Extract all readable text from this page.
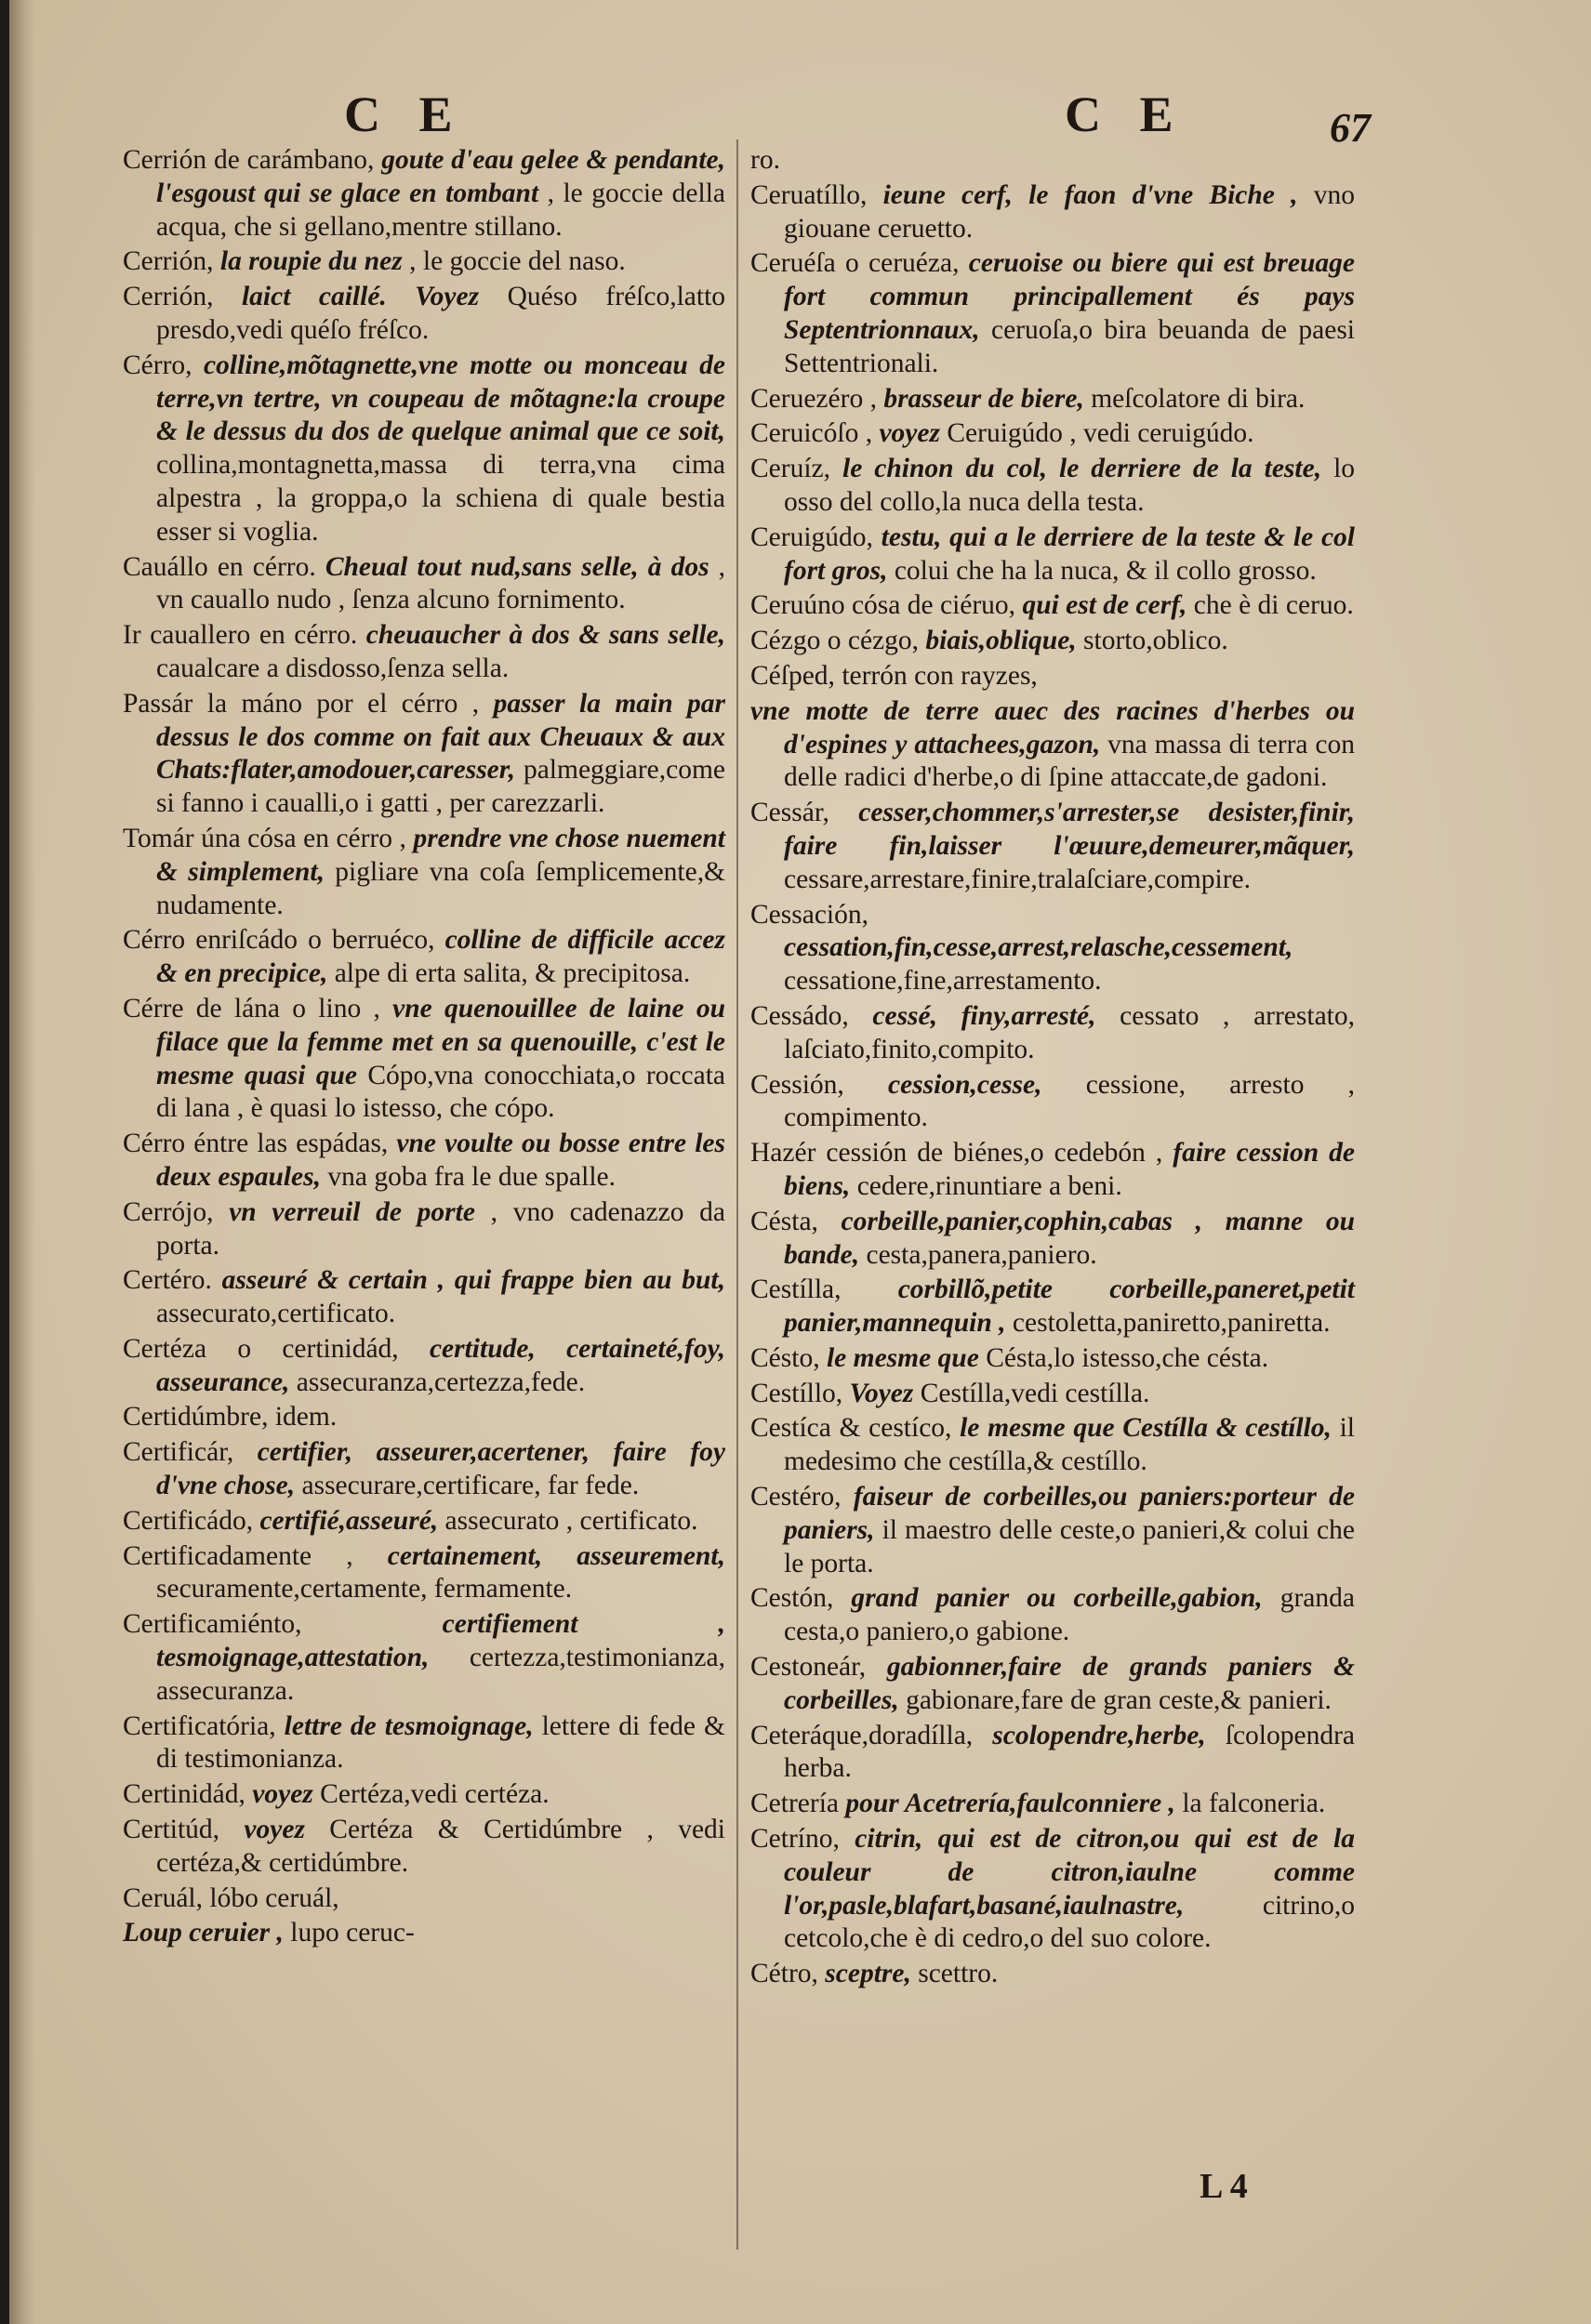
C E	C E	67

Cerrión de carámbano, goute d'eau gelee & pendante, l'esgoust qui se glace en tombant , le goccie della acqua, che si gellano,mentre stillano.

Cerrión, la roupie du nez , le goccie del naso.

Cerrión, laict caillé. Voyez Quéso fréſco,latto presdo,vedi quéſo fréſco.

Cérro, colline,mõtagnette,vne motte ou monceau de terre,vn tertre, vn coupeau de mõtagne:la croupe & le dessus du dos de quelque animal que ce soit, collina,montagnetta,massa di terra,vna cima alpestra , la groppa,o la schiena di quale bestia esser si voglia.

Cauállo en cérro. Cheual tout nud,sans selle, à dos , vn cauallo nudo , ſenza alcuno fornimento.

Ir cauallero en cérro. cheuaucher à dos & sans selle, caualcare a disdosso,ſenza sella.

Passár la máno por el cérro , passer la main par dessus le dos comme on fait aux Cheuaux & aux Chats:flater,amodouer,caresser, palmeggiare,come si fanno i caualli,o i gatti , per carezzarli.

Tomár úna cósa en cérro , prendre vne chose nuement & simplement, pigliare vna coſa ſemplicemente,& nudamente.

Cérro enriſcádo o berruéco, colline de difficile accez & en precipice, alpe di erta salita, & precipitosa.

Cérre de lána o lino , vne quenouillee de laine ou filace que la femme met en sa quenouille, c'est le mesme quasi que Cópo,vna conocchiata,o roccata di lana , è quasi lo istesso, che cópo.

Cérro éntre las espádas, vne voulte ou bosse entre les deux espaules, vna goba fra le due spalle.

Cerrójo, vn verreuil de porte , vno cadenazzo da porta.

Certéro. asseuré & certain , qui frappe bien au but, assecurato,certificato.

Certéza o certinidád, certitude, certaineté,foy, asseurance, assecuranza,certezza,fede.

Certidúmbre, idem.

Certificár, certifier, asseurer,acertener, faire foy d'vne chose, assecurare,certificare, far fede.

Certificádo, certifié,asseuré, assecurato , certificato.

Certificadamente , certainement, asseurement, securamente,certamente, fermamente.

Certificamiénto,	certifiement , tesmoignage,attestation, certezza,testimonianza, assecuranza.

Certificatória, lettre de tesmoignage, lettere di fede & di testimonianza.

Certinidád, voyez Certéza,vedi certéza.

Certitúd, voyez Certéza & Certidúmbre , vedi certéza,& certidúmbre.

Ceruál, lóbo ceruál,

Loup ceruier , lupo ceruc-

ro.

Ceruatíllo, ieune cerf, le faon d'vne Biche , vno giouane ceruetto.

Ceruéſa o ceruéza, ceruoise ou biere qui est breuage fort commun principallement és pays Septentrionnaux, ceruoſa,o bira beuanda de paesi Settentrionali.

Ceruezéro , brasseur de biere, meſcolatore di bira.

Ceruicóſo , voyez Ceruigúdo , vedi ceruigúdo.

Ceruíz, le chinon du col, le derriere de la teste, lo osso del collo,la nuca della testa.

Ceruigúdo, testu, qui a le derriere de la teste & le col fort gros, colui che ha la nuca, & il collo grosso.

Ceruúno cósa de ciéruo, qui est de cerf, che è di ceruo.

Cézgo o cézgo, biais,oblique, storto,oblico.

Céſped, terrón con rayzes,

vne motte de terre auec des racines d'herbes ou d'espines y attachees,gazon, vna massa di terra con delle radici d'herbe,o di ſpine attaccate,de gadoni.

Cessár, cesser,chommer,s'arrester,se desister,finir, faire fin,laisser l'œuure,demeurer,mãquer, cessare,arrestare,finire,tralaſciare,compire.

Cessación, cessation,fin,cesse,arrest,relasche,cessement, cessatione,fine,arrestamento.

Cessádo, cessé, finy,arresté, cessato , arrestato, laſciato,finito,compito.

Cessión, cession,cesse, cessione, arresto , compimento.

Hazér cessión de biénes,o cedebón , faire cession de biens, cedere,rinuntiare a beni.

Césta, corbeille,panier,cophin,cabas , manne ou bande, cesta,panera,paniero.

Cestílla, corbillõ,petite corbeille,paneret,petit panier,mannequin , cestoletta,paniretto,paniretta.

Césto, le mesme que Césta,lo istesso,che césta.

Cestíllo, Voyez Cestílla,vedi cestílla.

Cestíca & cestíco, le mesme que Cestílla & cestíllo, il medesimo che cestílla,& cestíllo.

Cestéro, faiseur de corbeilles,ou paniers:porteur de paniers, il maestro delle ceste,o panieri,& colui che le porta.

Cestón, grand panier ou corbeille,gabion, granda cesta,o paniero,o gabione.

Cestoneár, gabionner,faire de grands paniers & corbeilles, gabionare,fare de gran ceste,& panieri.

Ceteráque,doradílla, scolopendre,herbe, ſcolopendra herba.

Cetrería pour Acetrería,faulconniere , la falconeria.

Cetríno, citrin, qui est de citron,ou qui est de la couleur de citron,iaulne comme l'or,pasle,blafart,basané,iaulnastre,	citrino,o cetcolo,che è di cedro,o del suo colore.

Cétro, sceptre, scettro.

L 4
